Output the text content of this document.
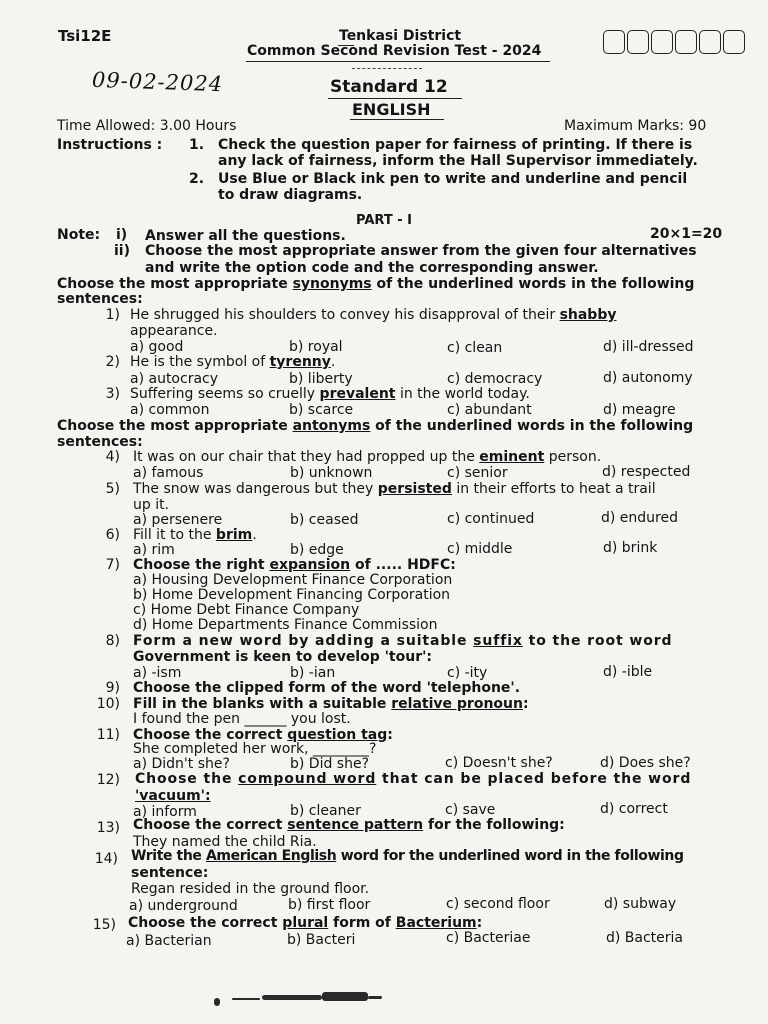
Tsi12E	Tenkasi District
Common Second Revision Test - 2024
09-02-2024	Standard 12
ENGLISH
Time Allowed: 3.00 Hours	Maximum Marks: 90
Instructions : 1. Check the question paper for fairness of printing. If there is
any lack of fairness, inform the Hall Supervisor immediately.
2. Use Blue or Black ink pen to write and underline and pencil
to draw diagrams.
PART - I
Note: i) Answer all the questions.	20×1=20
ii) Choose the most appropriate answer from the given four alternatives
and write the option code and the corresponding answer.
Choose the most appropriate synonyms of the underlined words in the following
sentences:
1) He shrugged his shoulders to convey his disapproval of their shabby
appearance.
a) good	b) royal	c) clean	d) ill-dressed
2) He is the symbol of tyrenny.
a) autocracy	b) liberty	c) democracy	d) autonomy
3) Suffering seems so cruelly prevalent in the world today.
a) common	b) scarce	c) abundant	d) meagre
Choose the most appropriate antonyms of the underlined words in the following
sentences:
4) It was on our chair that they had propped up the eminent person.
a) famous	b) unknown	c) senior	d) respected
5) The snow was dangerous but they persisted in their efforts to heat a trail
up it.
a) persenere	b) ceased	c) continued	d) endured
6) Fill it to the brim.
a) rim	b) edge	c) middle	d) brink
7) Choose the right expansion of ..... HDFC:
a) Housing Development Finance Corporation
b) Home Development Financing Corporation
c) Home Debt Finance Company
d) Home Departments Finance Commission
8) Form a new word by adding a suitable suffix to the root word
Government is keen to develop 'tour':
a) -ism	b) -ian	c) -ity	d) -ible
9) Choose the clipped form of the word 'telephone'.
10) Fill in the blanks with a suitable relative pronoun:
I found the pen ______ you lost.
11) Choose the correct question tag:
She completed her work, ________?
a) Didn't she?	b) Did she?	c) Doesn't she?	d) Does she?
12) Choose the compound word that can be placed before the word
'vacuum':
a) inform	b) cleaner	c) save	d) correct
13) Choose the correct sentence pattern for the following:
They named the child Ria.
14) Write the American English word for the underlined word in the following
sentence:
Regan resided in the ground floor.
a) underground	b) first floor	c) second floor	d) subway
15) Choose the correct plural form of Bacterium:
a) Bacterian	b) Bacteri	c) Bacteriae	d) Bacteria
